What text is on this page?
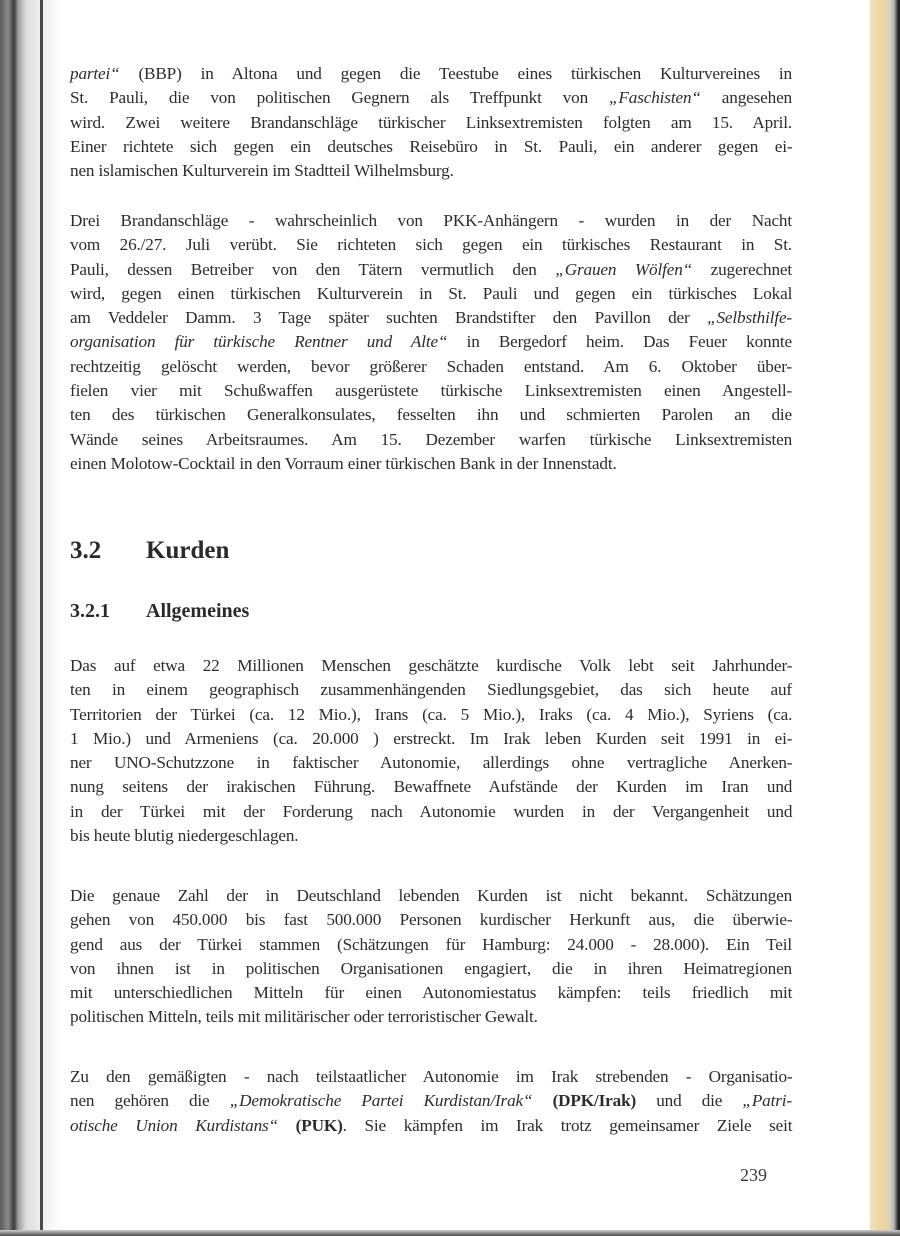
partei“ (BBP) in Altona und gegen die Teestube eines türkischen Kulturvereines in
St. Pauli, die von politischen Gegnern als Treffpunkt von „Faschisten“ angesehen
wird. Zwei weitere Brandanschläge türkischer Linksextremisten folgten am 15. April.
Einer richtete sich gegen ein deutsches Reisebüro in St. Pauli, ein anderer gegen ei-
nen islamischen Kulturverein im Stadtteil Wilhelmsburg.
Drei Brandanschläge - wahrscheinlich von PKK-Anhängern - wurden in der Nacht
vom 26./27. Juli verübt. Sie richteten sich gegen ein türkisches Restaurant in St.
Pauli, dessen Betreiber von den Tätern vermutlich den „Grauen Wölfen“ zugerechnet
wird, gegen einen türkischen Kulturverein in St. Pauli und gegen ein türkisches Lokal
am Veddeler Damm. 3 Tage später suchten Brandstifter den Pavillon der „Selbsthilfe-
organisation für türkische Rentner und Alte“ in Bergedorf heim. Das Feuer konnte
rechtzeitig gelöscht werden, bevor größerer Schaden entstand. Am 6. Oktober über-
fielen vier mit Schußwaffen ausgerüstete türkische Linksextremisten einen Angestell-
ten des türkischen Generalkonsulates, fesselten ihn und schmierten Parolen an die
Wände seines Arbeitsraumes. Am 15. Dezember warfen türkische Linksextremisten
einen Molotow-Cocktail in den Vorraum einer türkischen Bank in der Innenstadt.
3.2 Kurden
3.2.1 Allgemeines
Das auf etwa 22 Millionen Menschen geschätzte kurdische Volk lebt seit Jahrhunder-
ten in einem geographisch zusammenhängenden Siedlungsgebiet, das sich heute auf
Territorien der Türkei (ca. 12 Mio.), Irans (ca. 5 Mio.), Iraks (ca. 4 Mio.), Syriens (ca.
1 Mio.) und Armeniens (ca. 20.000 ) erstreckt. Im Irak leben Kurden seit 1991 in ei-
ner UNO-Schutzzone in faktischer Autonomie, allerdings ohne vertragliche Anerken-
nung seitens der irakischen Führung. Bewaffnete Aufstände der Kurden im Iran und
in der Türkei mit der Forderung nach Autonomie wurden in der Vergangenheit und
bis heute blutig niedergeschlagen.
Die genaue Zahl der in Deutschland lebenden Kurden ist nicht bekannt. Schätzungen
gehen von 450.000 bis fast 500.000 Personen kurdischer Herkunft aus, die überwie-
gend aus der Türkei stammen (Schätzungen für Hamburg: 24.000 - 28.000). Ein Teil
von ihnen ist in politischen Organisationen engagiert, die in ihren Heimatregionen
mit unterschiedlichen Mitteln für einen Autonomiestatus kämpfen: teils friedlich mit
politischen Mitteln, teils mit militärischer oder terroristischer Gewalt.
Zu den gemäßigten - nach teilstaatlicher Autonomie im Irak strebenden - Organisatio-
nen gehören die „Demokratische Partei Kurdistan/Irak“ (DPK/Irak) und die „Patri-
otische Union Kurdistans“ (PUK). Sie kämpfen im Irak trotz gemeinsamer Ziele seit
239
